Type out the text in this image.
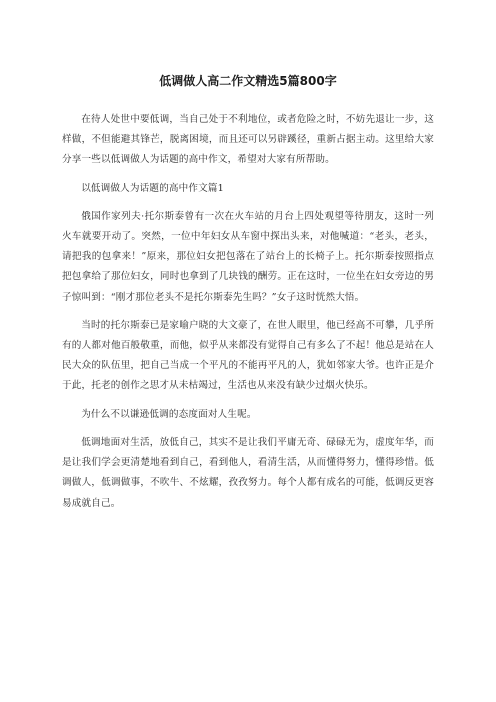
低调做人高二作文精选5篇800字

在待人处世中要低调，当自己处于不利地位，或者危险之时，不妨先退让一步，这样做，不但能避其锋芒，脱离困境，而且还可以另辟蹊径，重新占据主动。这里给大家分享一些以低调做人为话题的高中作文，希望对大家有所帮助。

以低调做人为话题的高中作文篇1

俄国作家列夫·托尔斯泰曾有一次在火车站的月台上四处观望等待朋友，这时一列火车就要开动了。突然，一位中年妇女从车窗中探出头来，对他喊道：“老头，老头，请把我的包拿来！”原来，那位妇女把包落在了站台上的长椅子上。托尔斯泰按照指点把包拿给了那位妇女，同时也拿到了几块钱的酬劳。正在这时，一位坐在妇女旁边的男子惊叫到：“刚才那位老头不是托尔斯泰先生吗？”女子这时恍然大悟。

当时的托尔斯泰已是家喻户晓的大文豪了，在世人眼里，他已经高不可攀，几乎所有的人都对他百般敬重，而他，似乎从来都没有觉得自己有多么了不起！他总是站在人民大众的队伍里，把自己当成一个平凡的不能再平凡的人，犹如邻家大爷。也许正是介于此，托老的创作之思才从未枯竭过，生活也从来没有缺少过烟火快乐。

为什么不以谦逊低调的态度面对人生呢。

低调地面对生活，放低自己，其实不是让我们平庸无奇、碌碌无为，虚度年华，而是让我们学会更清楚地看到自己，看到他人，看清生活，从而懂得努力，懂得珍惜。低调做人，低调做事，不吹牛、不炫耀，孜孜努力。每个人都有成名的可能，低调反更容易成就自己。
